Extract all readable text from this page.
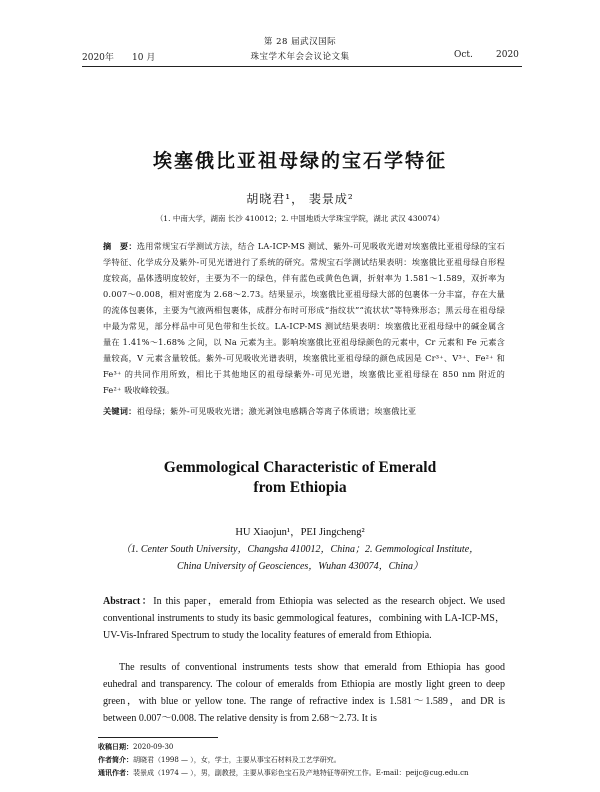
2020年 10 月
第 28 届武汉国际
珠宝学术年会会议论文集	Oct.	2020
埃塞俄比亚祖母绿的宝石学特征
胡晓君¹， 裴景成²
（1. 中南大学，湖南 长沙 410012；2. 中国地质大学珠宝学院，湖北 武汉 430074）
摘　要：选用常规宝石学测试方法，结合 LA-ICP-MS 测试、紫外-可见吸收光谱对埃塞俄比亚祖母绿的宝石学特征、化学成分及紫外-可见光谱进行了系统的研究。常规宝石学测试结果表明：埃塞俄比亚祖母绿自形程度较高，晶体透明度较好，主要为不一的绿色，伴有蓝色或黄色色调，折射率为 1.581～1.589，双折率为 0.007～0.008，相对密度为 2.68～2.73。结果显示，埃塞俄比亚祖母绿大部的包裹体一分丰富，存在大量的流体包裹体，主要为气液两相包裹体，成群分布时可形成“指纹状”“流状状”等特殊形态；黑云母在祖母绿中最为常见，部分样品中可见色带和生长纹。LA-ICP-MS 测试结果表明：埃塞俄比亚祖母绿中的碱金属含量在 1.41%～1.68% 之间，以 Na 元素为主。影响埃塞俄比亚祖母绿颜色的元素中，Cr 元素和 Fe 元素含量较高，V 元素含量较低。紫外-可见吸收光谱表明，埃塞俄比亚祖母绿的颜色成因是 Cr³⁺、V³⁺、Fe²⁺ 和 Fe³⁺ 的共同作用所致，相比于其他地区的祖母绿紫外-可见光谱，埃塞俄比亚祖母绿在 850 nm 附近的 Fe²⁺ 吸收峰较强。
关键词：祖母绿；紫外-可见吸收光谱；激光剥蚀电感耦合等离子体质谱；埃塞俄比亚
Gemmological Characteristic of Emerald
from Ethiopia
HU Xiaojun¹，PEI Jingcheng²
（1. Center South University，Changsha 410012，China；2. Gemmological Institute，
China University of Geosciences，Wuhan 430074，China）
Abstract：In this paper，emerald from Ethiopia was selected as the research object. We used conventional instruments to study its basic gemmological features，combining with LA-ICP-MS，UV-Vis-Infrared Spectrum to study the locality features of emerald from Ethiopia.
The results of conventional instruments tests show that emerald from Ethiopia has good euhedral and transparency. The colour of emeralds from Ethiopia are mostly light green to deep green，with blue or yellow tone. The range of refractive index is 1.581～1.589，and DR is between 0.007～0.008. The relative density is from 2.68～2.73. It is
收稿日期：2020-09-30
作者简介：胡晓君（1998 — ），女，学士，主要从事宝石材料及工艺学研究。
通讯作者：裴景成（1974 — ），男，副教授，主要从事彩色宝石及产地特征等研究工作。E-mail：peijc@cug.edu.cn
